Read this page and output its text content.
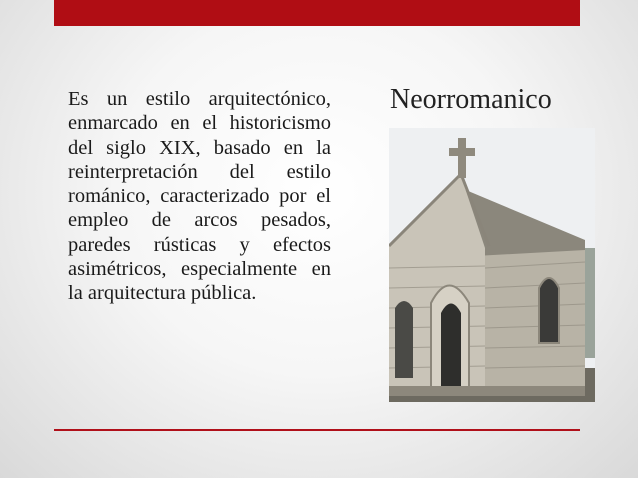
Es un estilo arquitectónico, enmarcado en el historicismo del siglo XIX, basado en la reinterpretación del estilo románico, caracterizado por el empleo de arcos pesados, paredes rústicas y efectos asimétricos, especialmente en la arquitectura pública.

Neorromanico
